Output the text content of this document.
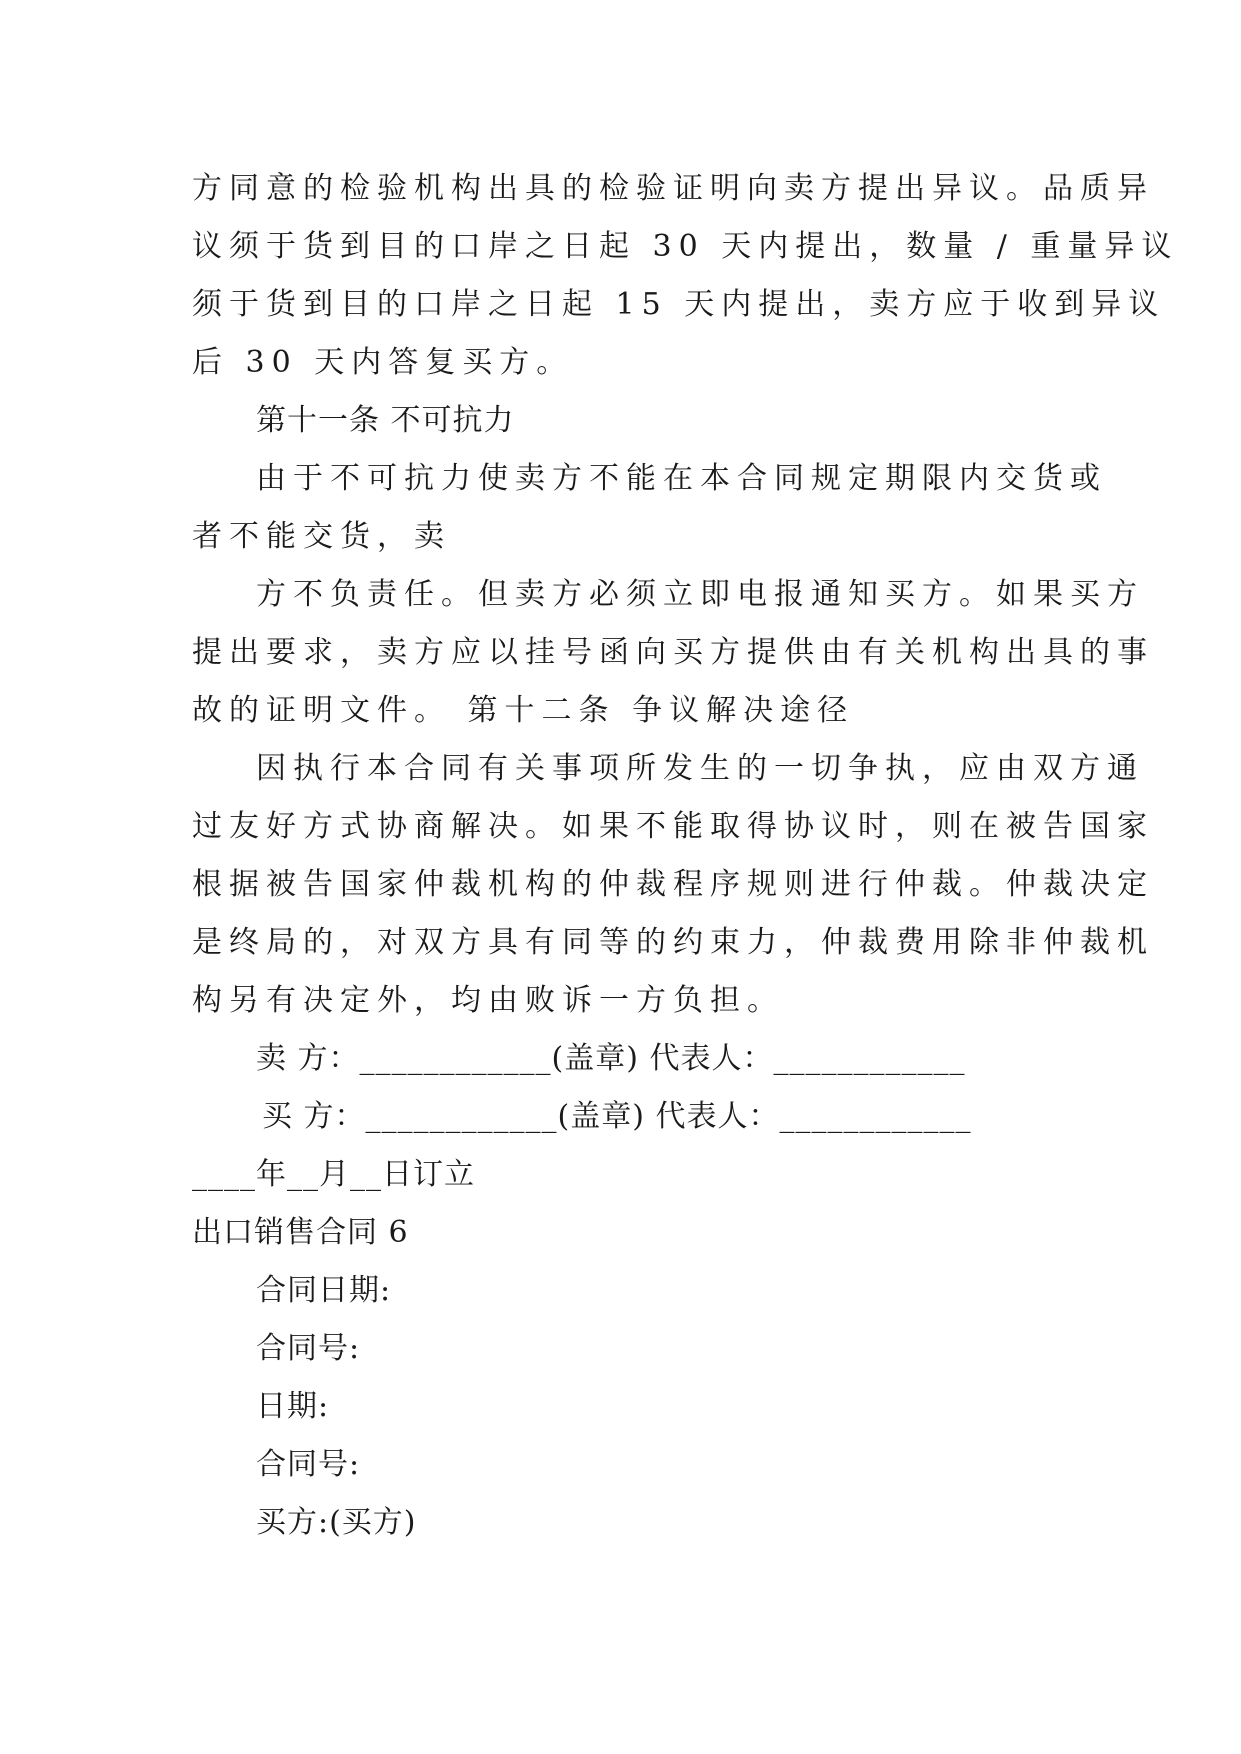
方同意的检验机构出具的检验证明向卖方提出异议。品质异
议须于货到目的口岸之日起 30 天内提出，数量 / 重量异议
须于货到目的口岸之日起 15 天内提出，卖方应于收到异议
后 30 天内答复买方。
第十一条 不可抗力
由于不可抗力使卖方不能在本合同规定期限内交货或
者不能交货，卖
方不负责任。但卖方必须立即电报通知买方。如果买方
提出要求，卖方应以挂号函向买方提供由有关机构出具的事
故的证明文件。 第十二条 争议解决途径
因执行本合同有关事项所发生的一切争执，应由双方通
过友好方式协商解决。如果不能取得协议时，则在被告国家
根据被告国家仲裁机构的仲裁程序规则进行仲裁。仲裁决定
是终局的，对双方具有同等的约束力，仲裁费用除非仲裁机
构另有决定外，均由败诉一方负担。
卖 方：____________(盖章) 代表人：____________
买 方：____________(盖章) 代表人：____________
____年__月__日订立
出口销售合同 6
合同日期:
合同号:
日期:
合同号:
买方:(买方)
